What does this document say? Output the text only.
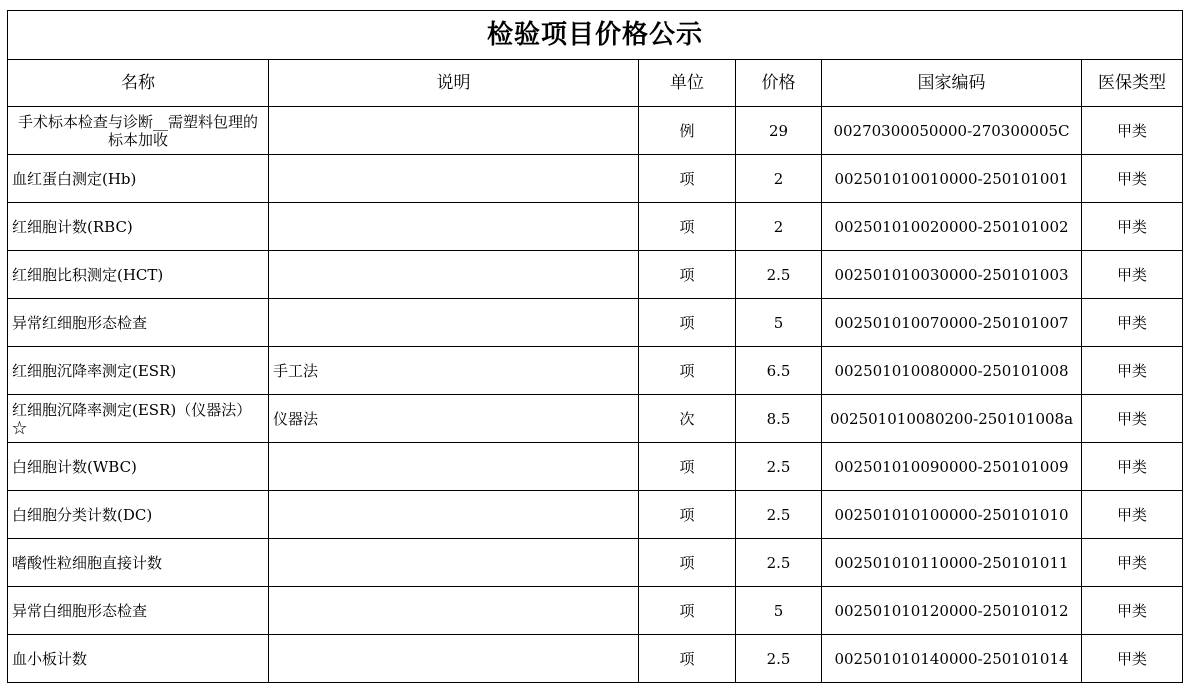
检验项目价格公示					
名称	说明	单位	价格	国家编码	医保类型
手术标本检查与诊断__需塑料包理的标本加收		例	29	00270300050000-270300005C	甲类
血红蛋白测定(Hb)		项	2	002501010010000-250101001	甲类
红细胞计数(RBC)		项	2	002501010020000-250101002	甲类
红细胞比积测定(HCT)		项	2.5	002501010030000-250101003	甲类
异常红细胞形态检查		项	5	002501010070000-250101007	甲类
红细胞沉降率测定(ESR)	手工法	项	6.5	002501010080000-250101008	甲类
红细胞沉降率测定(ESR)（仪器法）☆	仪器法	次	8.5	002501010080200-250101008a	甲类
白细胞计数(WBC)		项	2.5	002501010090000-250101009	甲类
白细胞分类计数(DC)		项	2.5	002501010100000-250101010	甲类
嗜酸性粒细胞直接计数		项	2.5	002501010110000-250101011	甲类
异常白细胞形态检查		项	5	002501010120000-250101012	甲类
血小板计数		项	2.5	002501010140000-250101014	甲类
